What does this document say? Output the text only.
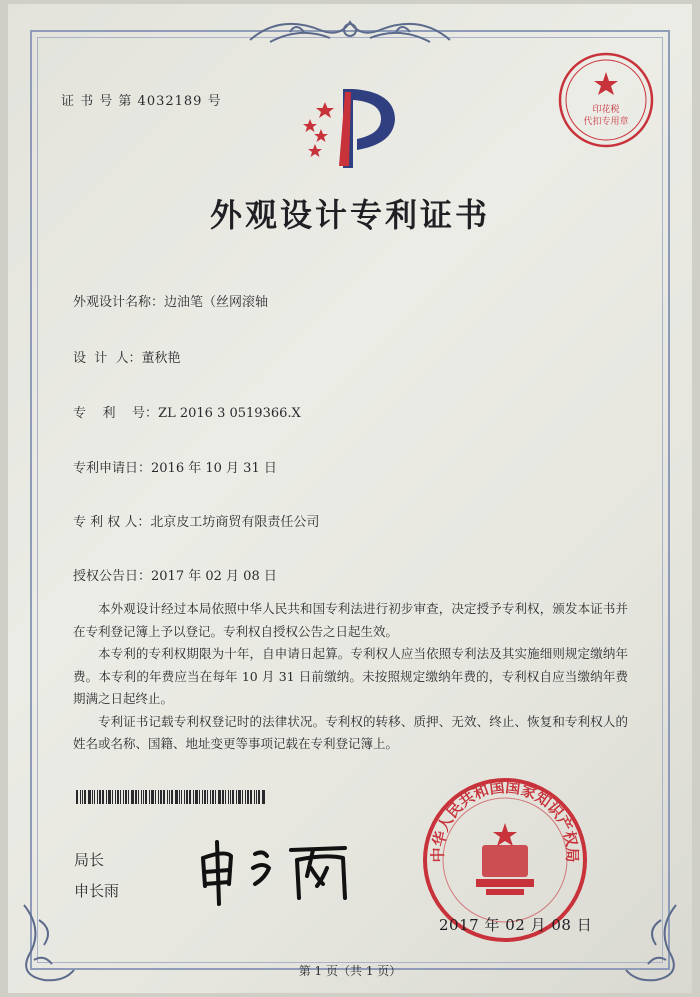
证 书 号 第 4032189 号
印花税
代扣专用章
外观设计专利证书
外观设计名称：边油笔（丝网滚轴
设  计  人：董秋艳
专    利    号：ZL 2016 3 0519366.X
专利申请日：2016 年 10 月 31 日
专 利 权 人：北京皮工坊商贸有限责任公司
授权公告日：2017 年 02 月 08 日

本外观设计经过本局依照中华人民共和国专利法进行初步审查，决定授予专利权，颁发本证书并在专利登记簿上予以登记。专利权自授权公告之日起生效。

本专利的专利权期限为十年，自申请日起算。专利权人应当依照专利法及其实施细则规定缴纳年费。本专利的年费应当在每年 10 月 31 日前缴纳。未按照规定缴纳年费的，专利权自应当缴纳年费期满之日起终止。

专利证书记载专利权登记时的法律状况。专利权的转移、质押、无效、终止、恢复和专利权人的姓名或名称、国籍、地址变更等事项记载在专利登记簿上。

局长
申长雨
中华人民共和国国家知识产权局
2017 年 02 月 08 日
第 1 页（共 1 页）
